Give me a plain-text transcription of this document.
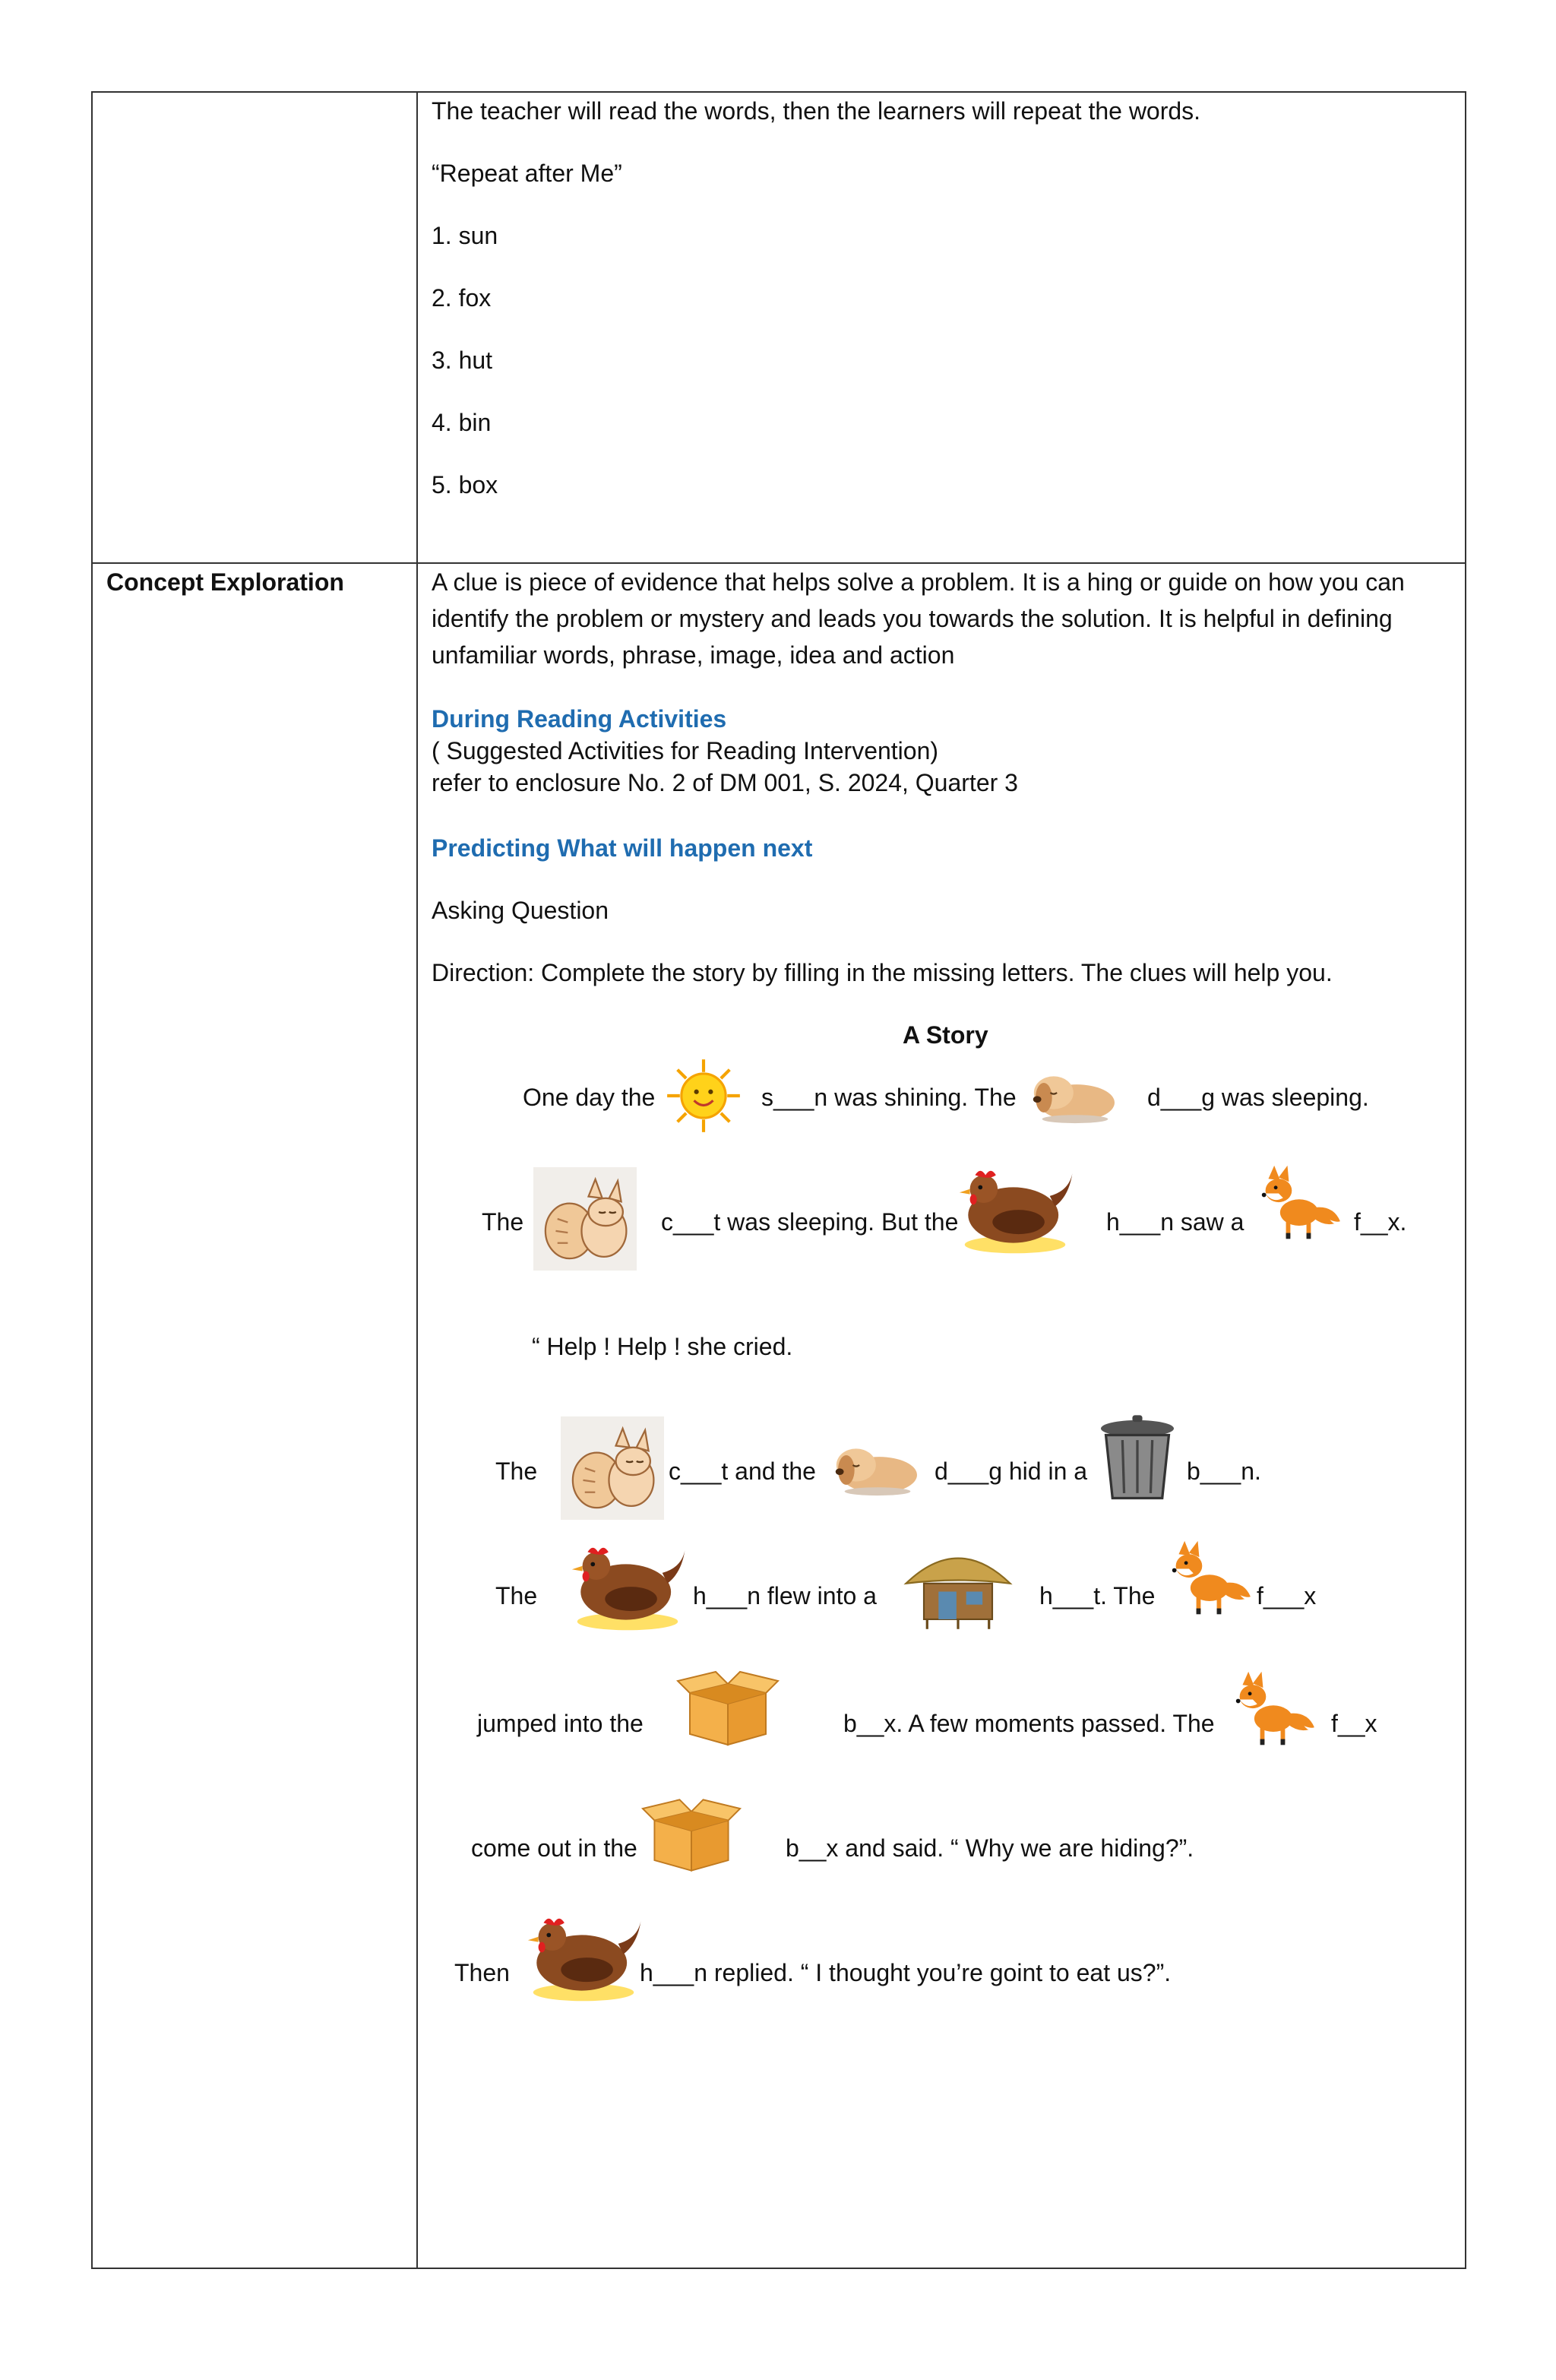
The teacher will read the words, then the learners will repeat the words.
“Repeat after Me”
1. sun
2. fox
3. hut
4. bin
5. box
Concept Exploration	A clue is piece of evidence that helps solve a problem. It is a hing or guide on how you can identify the problem or mystery and leads you towards the solution. It is helpful in defining unfamiliar words, phrase, image, idea and action
During Reading Activities
( Suggested Activities for Reading Intervention)
refer to enclosure No. 2 of DM 001, S. 2024, Quarter 3
Predicting What will happen next
Asking Question
Direction: Complete the story by filling in the missing letters. The clues will help you.
A Story
One day the	s___n was shining. The	d___g was sleeping.
The	c___t was sleeping. But the	h___n saw a	f__x.
“ Help ! Help ! she cried.
The	c___t and the	d___g hid in a	b___n.
The	h___n flew into a	h___t. The	f___x
jumped into the	b__x. A few moments passed. The	f__x
come out in the	b__x and said. “ Why we are hiding?”.
Then	h___n replied. “ I thought you’re goint to eat us?”.
